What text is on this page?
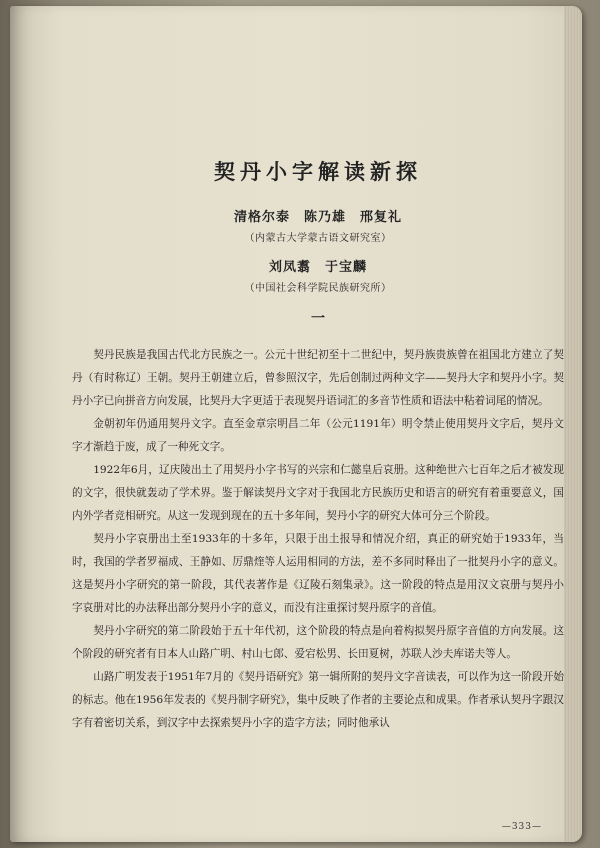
契丹小字解读新探
清格尔泰　陈乃雄　邢复礼
（内蒙古大学蒙古语文研究室）
刘凤翥　于宝麟
（中国社会科学院民族研究所）
一

契丹民族是我国古代北方民族之一。公元十世纪初至十二世纪中，契丹族贵族曾在祖国北方建立了契丹（有时称辽）王朝。契丹王朝建立后，曾参照汉字，先后创制过两种文字——契丹大字和契丹小字。契丹小字已向拼音方向发展，比契丹大字更适于表现契丹语词汇的多音节性质和语法中粘着词尾的情况。

金朝初年仍通用契丹文字。直至金章宗明昌二年（公元1191年）明令禁止使用契丹文字后，契丹文字才渐趋于废，成了一种死文字。

1922年6月，辽庆陵出土了用契丹小字书写的兴宗和仁懿皇后哀册。这种绝世六七百年之后才被发现的文字，很快就轰动了学术界。鉴于解读契丹文字对于我国北方民族历史和语言的研究有着重要意义，国内外学者竞相研究。从这一发现到现在的五十多年间，契丹小字的研究大体可分三个阶段。

契丹小字哀册出土至1933年的十多年，只限于出土报导和情况介绍，真正的研究始于1933年，当时，我国的学者罗福成、王静如、厉鼎煃等人运用相同的方法，差不多同时释出了一批契丹小字的意义。这是契丹小字研究的第一阶段，其代表著作是《辽陵石刻集录》。这一阶段的特点是用汉文哀册与契丹小字哀册对比的办法释出部分契丹小字的意义，而没有注重探讨契丹原字的音值。

契丹小字研究的第二阶段始于五十年代初，这个阶段的特点是向着构拟契丹原字音值的方向发展。这个阶段的研究者有日本人山路广明、村山七郎、爱宕松男、长田夏树，苏联人沙夫库诺夫等人。

山路广明发表于1951年7月的《契丹语研究》第一辑所附的契丹文字音读表，可以作为这一阶段开始的标志。他在1956年发表的《契丹制字研究》，集中反映了作者的主要论点和成果。作者承认契丹字跟汉字有着密切关系，到汉字中去探索契丹小字的造字方法；同时他承认

—333—
